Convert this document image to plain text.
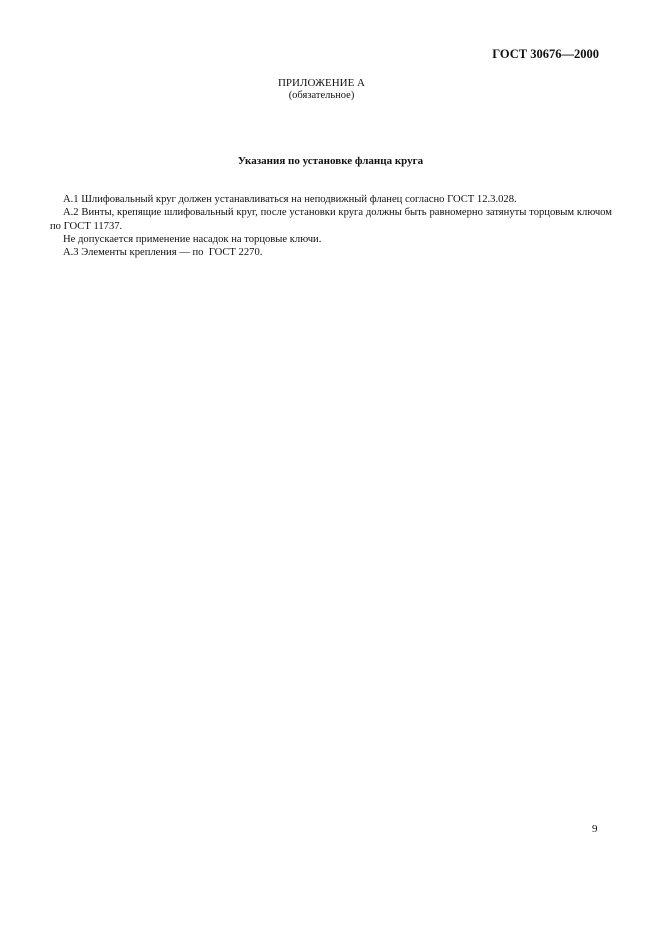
ГОСТ 30676—2000
ПРИЛОЖЕНИЕ А
(обязательное)
Указания по установке фланца круга

А.1 Шлифовальный круг должен устанавливаться на неподвижный фланец согласно ГОСТ 12.3.028.

А.2 Винты, крепящие шлифовальный круг, после установки круга должны быть равномерно затянуты торцовым ключом по ГОСТ 11737.

Не допускается применение насадок на торцовые ключи.

А.3 Элементы крепления — по  ГОСТ 2270.

9
